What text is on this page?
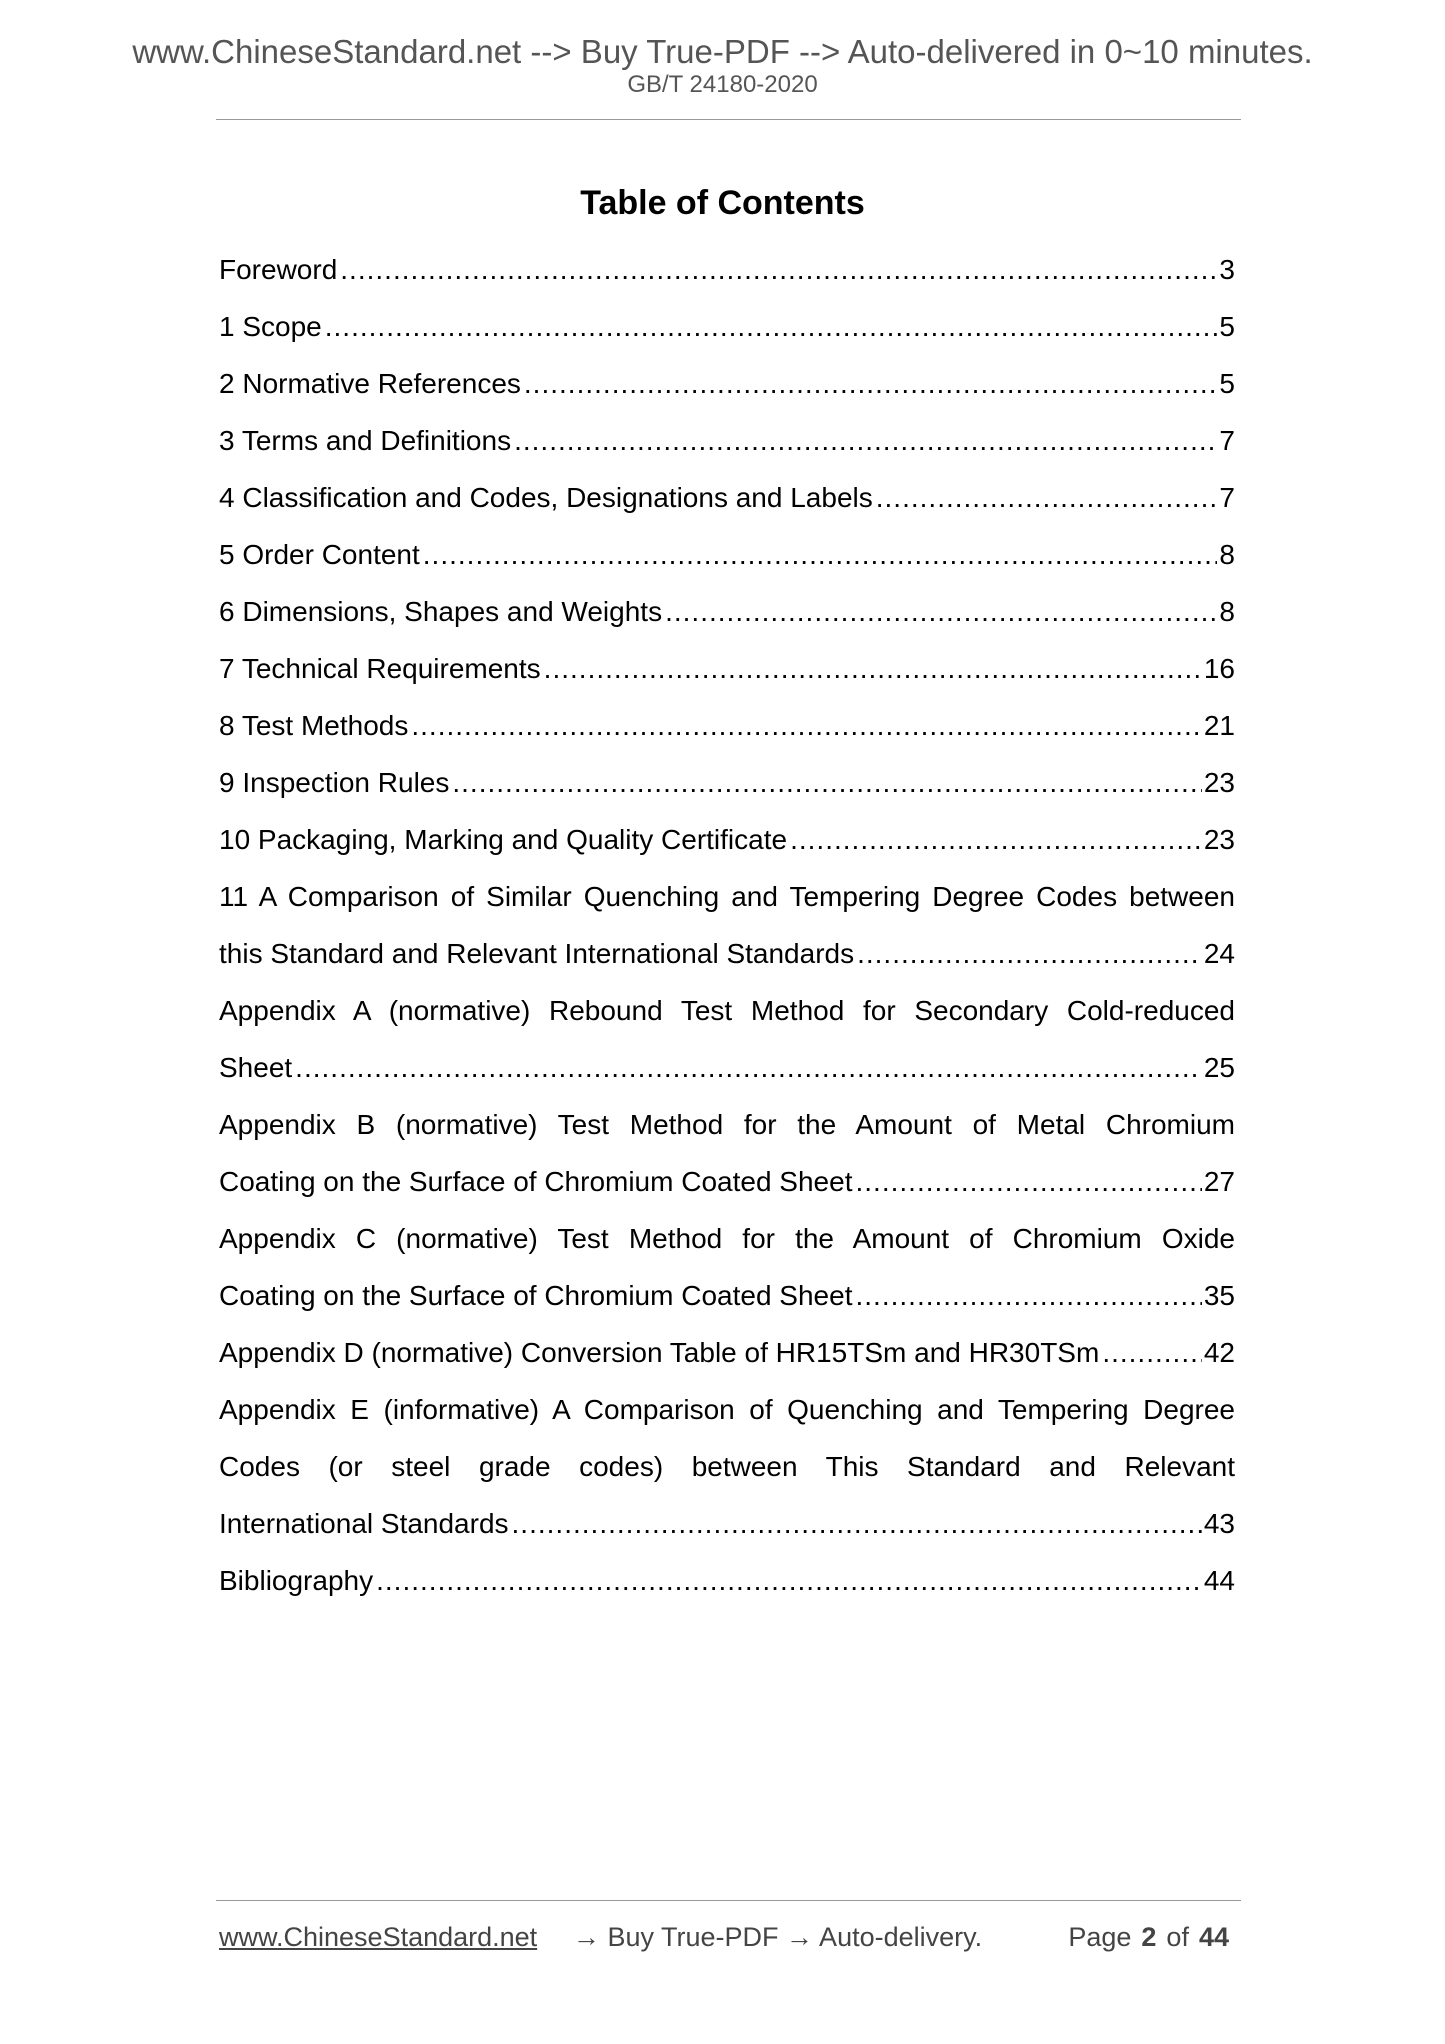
www.ChineseStandard.net --> Buy True-PDF --> Auto-delivered in 0~10 minutes.
GB/T 24180-2020
Table of Contents
Foreword .....	3
1 Scope .....	5
2 Normative References .....	5
3 Terms and Definitions .....	7
4 Classification and Codes, Designations and Labels .....	7
5 Order Content .....	8
6 Dimensions, Shapes and Weights .....	8
7 Technical Requirements .....	16
8 Test Methods .....	21
9 Inspection Rules .....	23
10 Packaging, Marking and Quality Certificate .....	23
11 A Comparison of Similar Quenching and Tempering Degree Codes between
this Standard and Relevant International Standards .....	24
Appendix A (normative) Rebound Test Method for Secondary Cold-reduced
Sheet .....	25
Appendix B (normative) Test Method for the Amount of Metal Chromium
Coating on the Surface of Chromium Coated Sheet .....	27
Appendix C (normative) Test Method for the Amount of Chromium Oxide
Coating on the Surface of Chromium Coated Sheet .....	35
Appendix D (normative) Conversion Table of HR15TSm and HR30TSm .....	42
Appendix E (informative) A Comparison of Quenching and Tempering Degree
Codes (or steel grade codes) between This Standard and Relevant
International Standards .....	43
Bibliography .....	44
www.ChineseStandard.net → Buy True-PDF → Auto-delivery.	Page 2 of 44
